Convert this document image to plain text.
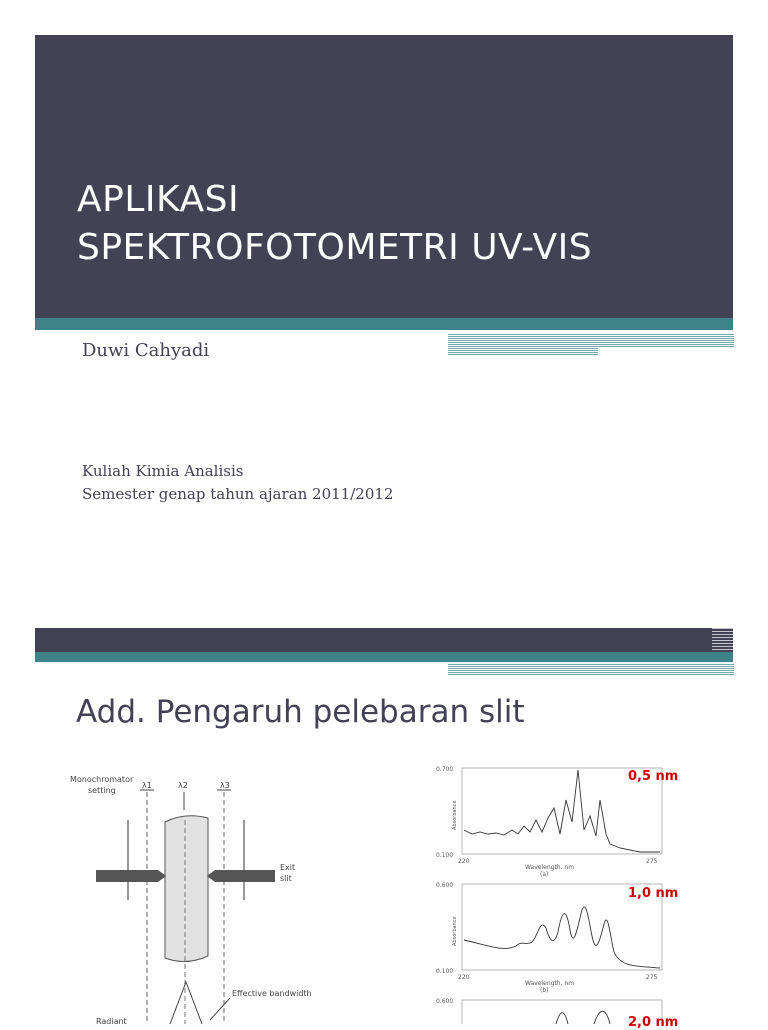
APLIKASI
SPEKTROFOTOMETRI UV-VIS
Duwi Cahyadi
Kuliah Kimia Analisis
Semester genap tahun ajaran 2011/2012
Add. Pengaruh pelebaran slit
Monochromator
setting
λ1	λ2	λ3
Exit
slit
Effective bandwidth
Radiant
0.700
0.100
220	275
Wavelength, nm
(a)
Absorbance
0.600
0.100
220	275
Wavelength, nm
(b)
Absorbance
0.600
0,5 nm
1,0 nm
2,0 nm
